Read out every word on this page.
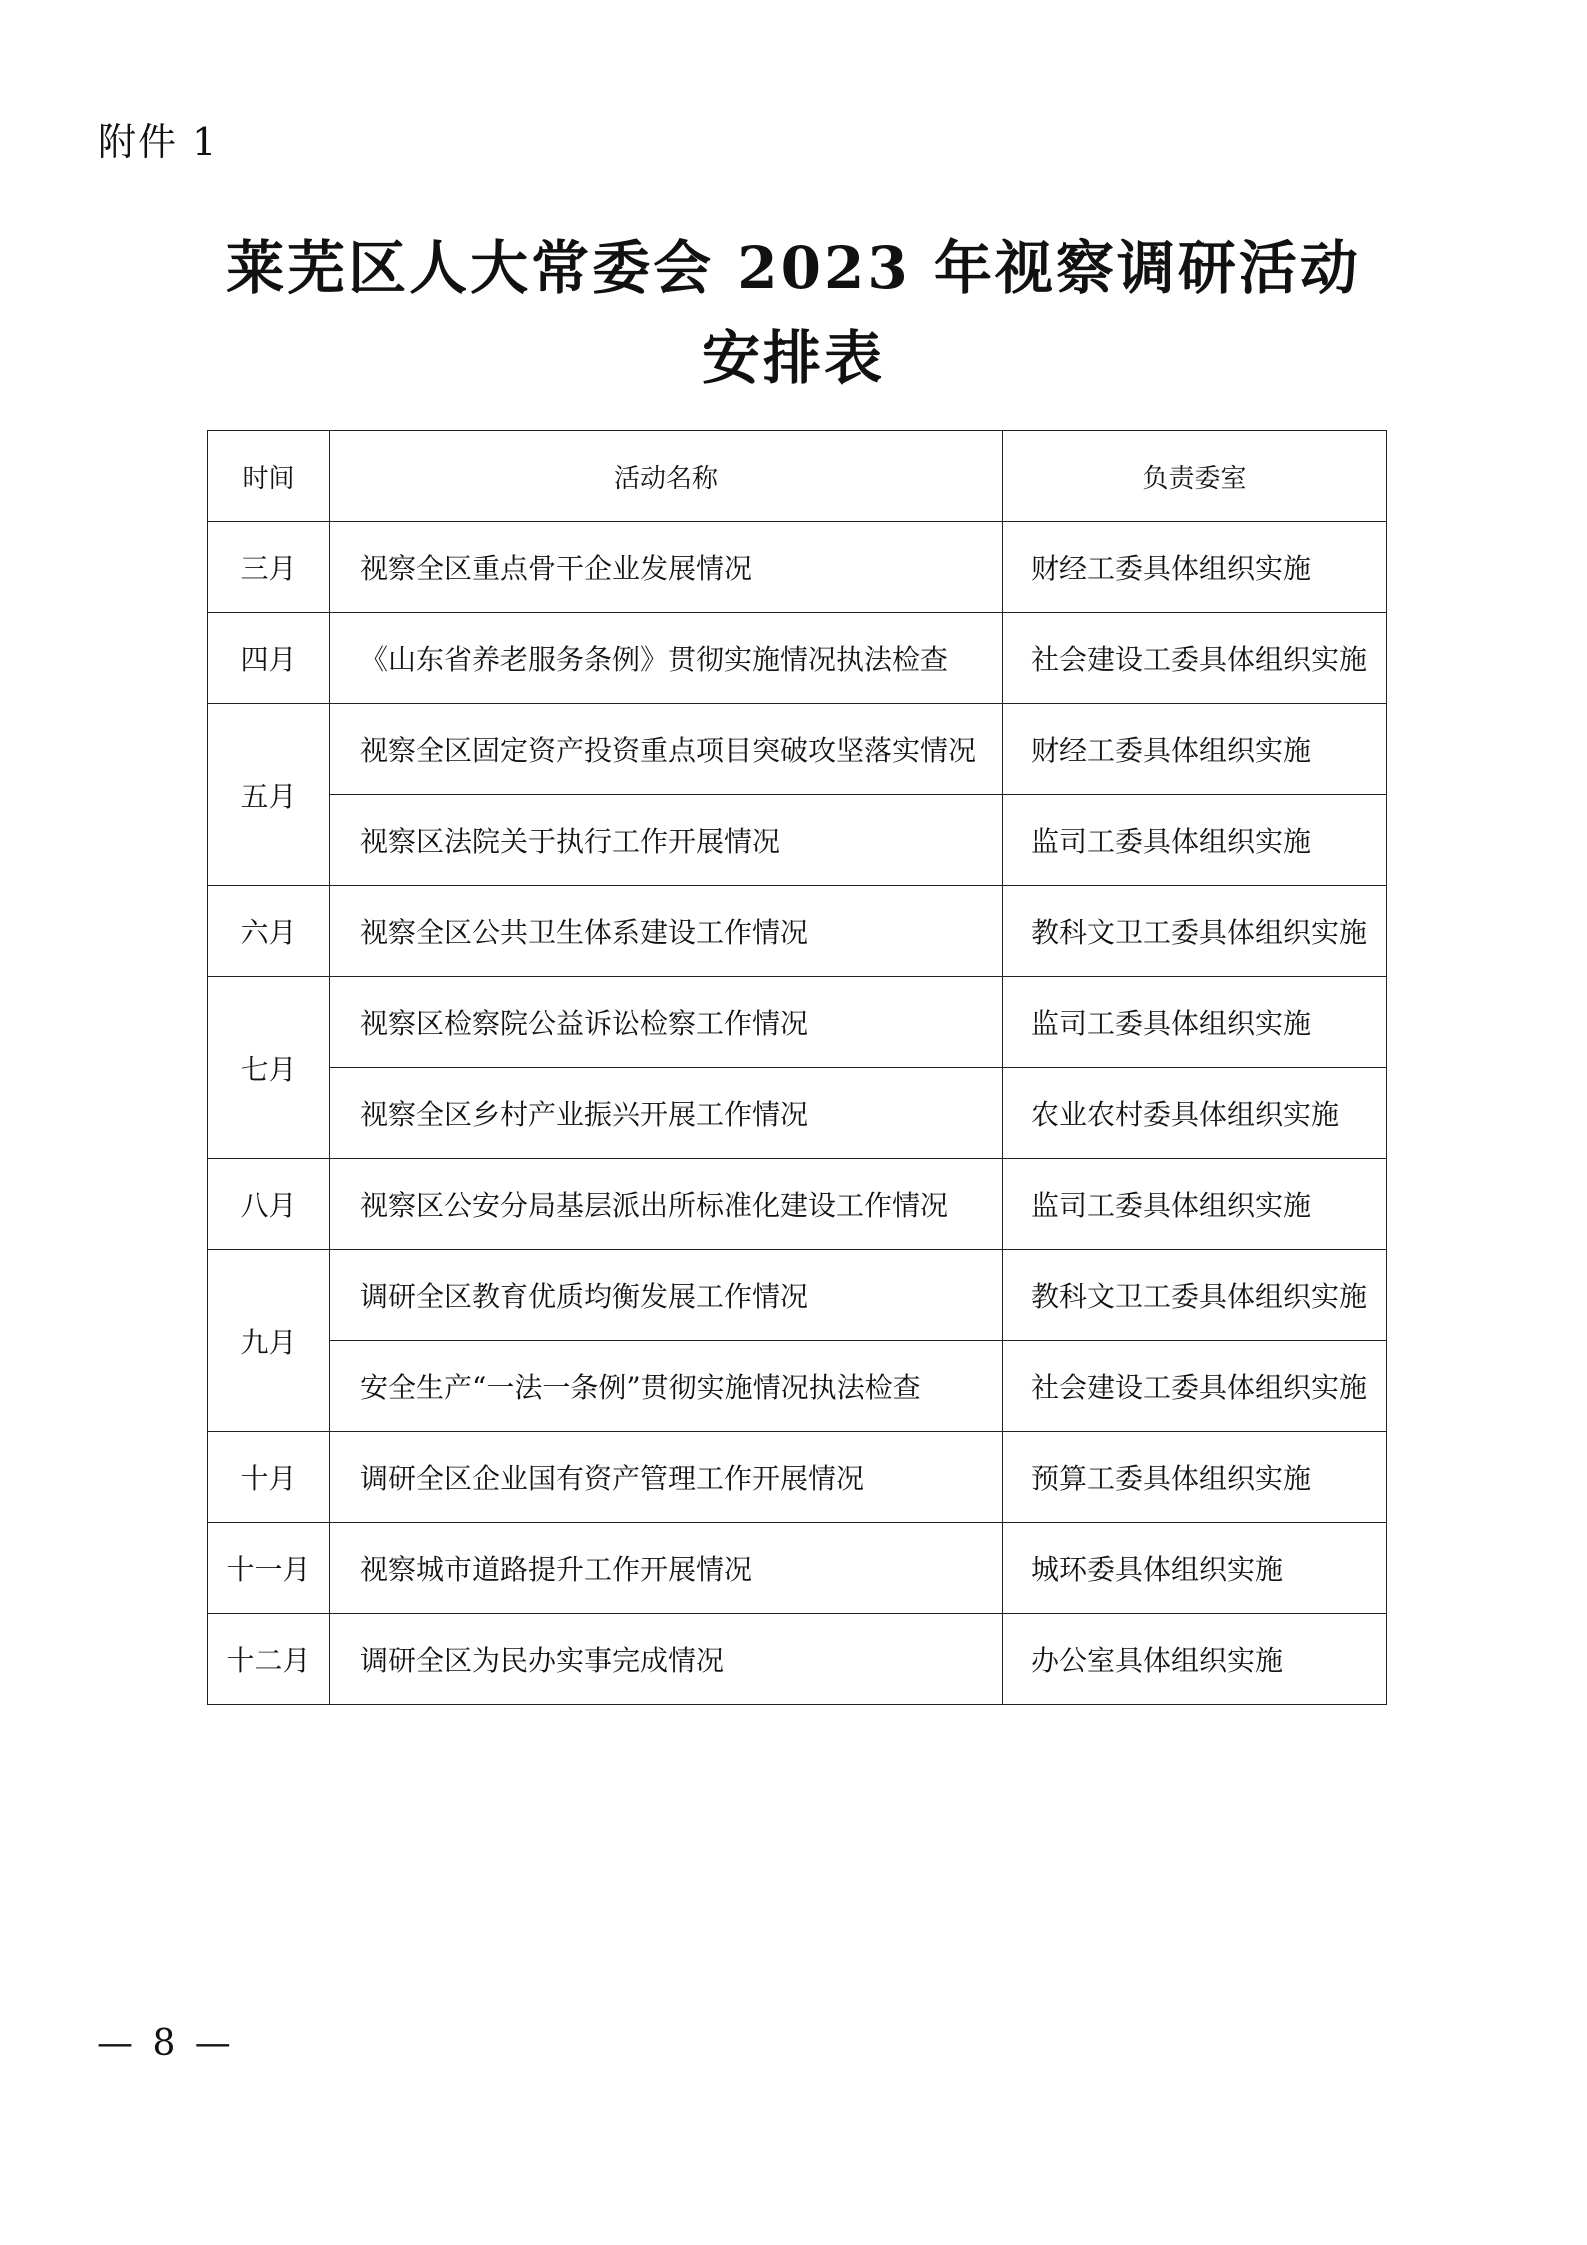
附件 1
莱芜区人大常委会 2023 年视察调研活动
安排表
时间	活动名称	负责委室
三月	视察全区重点骨干企业发展情况	财经工委具体组织实施
四月	《山东省养老服务条例》贯彻实施情况执法检查	社会建设工委具体组织实施
五月	视察全区固定资产投资重点项目突破攻坚落实情况	财经工委具体组织实施
	视察区法院关于执行工作开展情况	监司工委具体组织实施
六月	视察全区公共卫生体系建设工作情况	教科文卫工委具体组织实施
七月	视察区检察院公益诉讼检察工作情况	监司工委具体组织实施
	视察全区乡村产业振兴开展工作情况	农业农村委具体组织实施
八月	视察区公安分局基层派出所标准化建设工作情况	监司工委具体组织实施
九月	调研全区教育优质均衡发展工作情况	教科文卫工委具体组织实施
	安全生产“一法一条例”贯彻实施情况执法检查	社会建设工委具体组织实施
十月	调研全区企业国有资产管理工作开展情况	预算工委具体组织实施
十一月	视察城市道路提升工作开展情况	城环委具体组织实施
十二月	调研全区为民办实事完成情况	办公室具体组织实施
— 8 —
